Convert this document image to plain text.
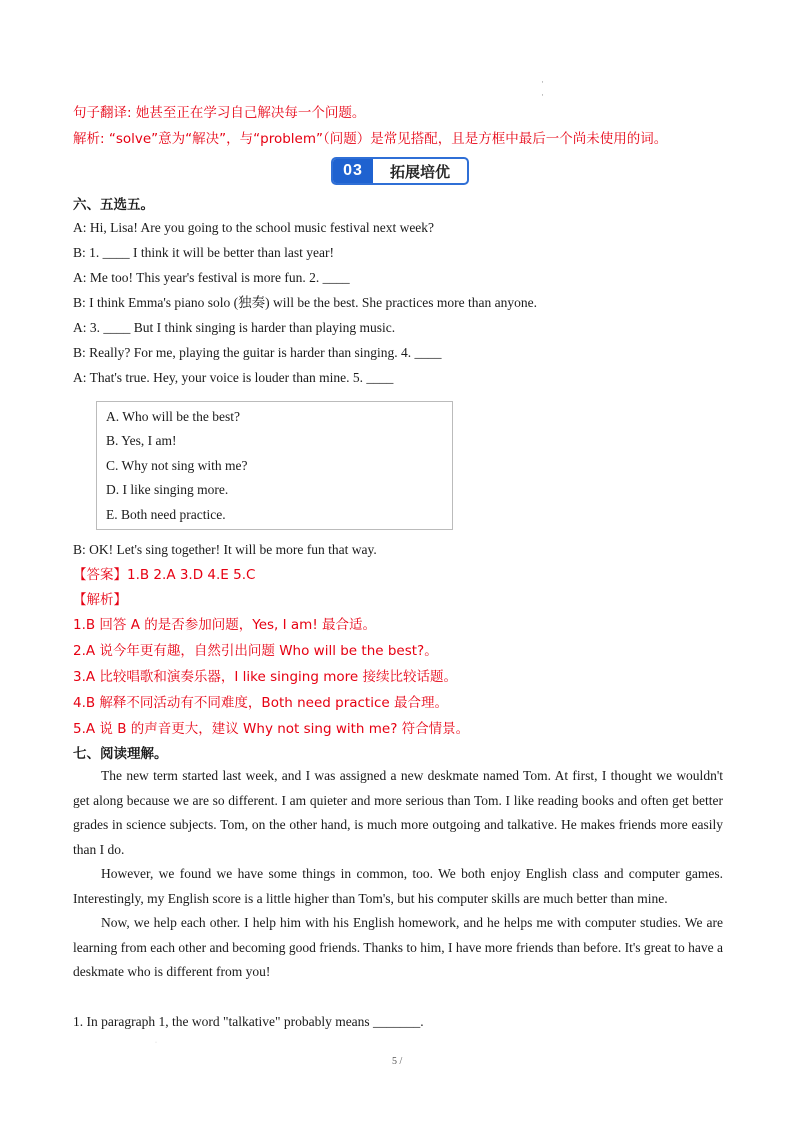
·
·
句子翻译: 她甚至正在学习自己解决每一个问题。
解析: “solve”意为“解决”，与“problem”（问题）是常见搭配，且是方框中最后一个尚未使用的词。
03	拓展培优
六、五选五。
A: Hi, Lisa! Are you going to the school music festival next week?
B: 1. ____ I think it will be better than last year!
A: Me too! This year's festival is more fun. 2. ____
B: I think Emma's piano solo (独奏) will be the best. She practices more than anyone.
A: 3. ____ But I think singing is harder than playing music.
B: Really? For me, playing the guitar is harder than singing. 4. ____
A: That's true. Hey, your voice is louder than mine. 5. ____
A. Who will be the best?
B. Yes, I am!
C. Why not sing with me?
D. I like singing more.
E. Both need practice.
B: OK! Let's sing together! It will be more fun that way.
【答案】1.B 2.A 3.D 4.E 5.C
【解析】
1.B 回答 A 的是否参加问题，Yes, I am! 最合适。
2.A 说今年更有趣，自然引出问题 Who will be the best?。
3.A 比较唱歌和演奏乐器，I like singing more 接续比较话题。
4.B 解释不同活动有不同难度，Both need practice 最合理。
5.A 说 B 的声音更大，建议 Why not sing with me? 符合情景。
七、阅读理解。

The new term started last week, and I was assigned a new deskmate named Tom. At first, I thought we wouldn't get along because we are so different. I am quieter and more serious than Tom. I like reading books and often get better grades in science subjects. Tom, on the other hand, is much more outgoing and talkative. He makes friends more easily than I do.

However, we found we have some things in common, too. We both enjoy English class and computer games. Interestingly, my English score is a little higher than Tom's, but his computer skills are much better than mine.

Now, we help each other. I help him with his English homework, and he helps me with computer studies. We are learning from each other and becoming good friends. Thanks to him, I have more friends than before. It's great to have a deskmate who is different from you!

1. In paragraph 1, the word "talkative" probably means _______.
·
5 /
